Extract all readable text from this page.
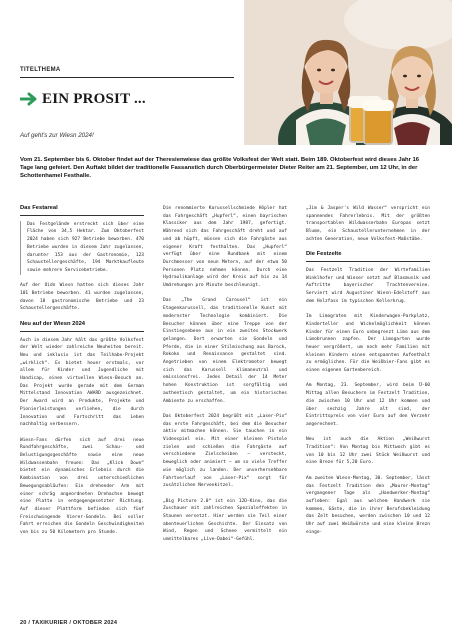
TITELTHEMA
EIN PROSIT ...
Auf geht's zur Wiesn 2024!

Vom 21. September bis 6. Oktober findet auf der Theresienwiese das größte Volksfest der Welt statt. Beim 189. Oktoberfest wird dieses Jahr 16 Tage lang gefeiert. Den Auftakt bildet der traditionelle Fassanstich durch Oberbürgermeister Dieter Reiter am 21. September, um 12 Uhr, in der Schottenhamel Festhalle.

Das Festareal

Das Festgelände erstreckt sich über eine Fläche von 34,5 Hektar. Zum Oktoberfest 2024 haben sich 927 Betriebe beworben. 470 Betriebe wurden in diesem Jahr zugelassen, darunter 153 aus der Gastronomie, 123 Schaustellergeschäfte, 194 Marktkaufleute sowie mehrere Servicebetriebe.

Auf der Oidn Wiesn hatten sich dieses Jahr 101 Betriebe beworben. 41 wurden zugelassen, davon 18 gastronomische Betriebe und 23 Schaustellergeschäfte.

Neu auf der Wiesn 2024

Auch in diesem Jahr hält das größte Volksfest der Welt wieder zahlreiche Neuheiten bereit. Neu und inklusiv ist das Teilhabe-Projekt „wirklich“. Es bietet heuer erstmals, vor allem für Kinder und Jugendliche mit Handicap, einen virtuellen Wiesn-Besuch an. Das Projekt wurde gerade mit dem German Mittelstand Innovation AWARD ausgezeichnet. Der Award wird an Produkte, Projekte und Pionierleistungen verliehen, die durch Innovation und Fortschritt das Leben nachhaltig verbessern.

Wiesn-Fans dürfen sich auf drei neue Rundfahrgeschäfte, zwei Schau- und Belustigungsgeschäfte sowie eine neue Wildwassenbahn freuen: Das „Klick Down“ bietet ein dynamisches Erlebnis durch die Kombination von drei unterschiedlichen Bewegungsabläufen: Ein drehender Arm mit einer schräg angeordneten Drehachse bewegt eine Platte in entgegengesetzter Richtung. Auf dieser Plattform befinden sich fünf Freischwingende Vierer-Gondeln. Bei voller Fahrt erreichen die Gondeln Geschwindigkeiten von bis zu 50 Kilometern pro Stunde.

Die renommierte Karussellschmiede Höpler hat das Fahrgeschäft „Hupferl“, einen bayrischen Klassiker aus dem Jahr 1987, gefertigt. Während sich das Fahrgeschäft dreht und auf und ab hüpft, müssen sich die Fahrgäste aus eigener Kraft festhalten. Das „Hupferl“ verfügt über eine Rundbank mit einem Durchmesser von neun Metern, auf der etwa 50 Personen Platz nehmen können. Durch eine Hydraulikanlage wird der Kreis auf bis zu 14 Umdrehungen pro Minute beschleunigt.

Das „The Grand Carousel“ ist ein Etagenkarussell, das traditionelle Kunst mit modernster Technologie kombiniert. Die Besucher können über eine Treppe von der Einstiegsebene aus in ein zweites Stockwerk gelangen. Dort erwarten sie Gondeln und Pferde, die in einer Stilmischung aus Barock, Rokoko und Renaissance gestaltet sind. Angetrieben von einem Elektromotor bewegt sich das Karussell klimaneutral und emissionsfrei. Jedes Detail der 14 Meter hohen Konstruktion ist sorgfältig und authentisch gestaltet, um ein historisches Ambiente zu erschaffen.

Das Oktoberfest 2024 begrüßt mit „Laser-Pix“ das erste Fahrgeschäft, bei dem die Besucher aktiv mitmachen können. Sie tauchen in ein Videospiel ein. Mit einer kleinen Pistole zielen und schießen die Fahrgäste auf verschiedene Zielscheiben – versteckt, beweglich oder animiert – um so viele Treffer wie möglich zu landen. Der unvorhersehbare Fahrtverlauf von „Laser-Pix“ sorgt für zusätzlichen Nervenkitzel.

„Big Picture 2.0“ ist ein 12D-Kino, das die Zuschauer mit zahlreichen Spezialeffekten in Staunen versetzt. Hier werden sie Teil einer abenteuerlichen Geschichte. Der Einsatz von Wind, Regen und Schnee vermittelt ein unmittelbares „Live-Dabei“-Gefühl.

„Jim & Jasper's Wild Wasser“ verspricht ein spannendes Fahrerlebnis. Mit der größten transportablen Wildwasserbahn Europas setzt Blume, ein Schaustellerunternehmen in der achten Generation, neue Volksfest-Maßstäbe.

Die Festzelte

Das Festzelt Tradition der Wirtefamilien Winklhofer und Wieser setzt auf Blasmusik und Auftritte bayerischer Trachtenvereine. Serviert wird Augustiner Wiesn-Edelstoff aus dem Holzfass im typischen Kellerkrug.

Im Limograten mit Kinderwagen-Parkplatz, Kinderteller und Wickelmöglichkeit können Kinder für einen Euro unbegrenzt Limo aus dem Limobrunnen zapfen. Der Limogarten wurde heuer vergrößert, um noch mehr Familien mit kleinen Kindern einen entspannten Aufenthalt zu ermöglichen. Für die Weißbier-Fans gibt es einen eigenen Gartenbereich.

Am Montag, 23. September, wird beim Ü-60 Mittag allen Besuchern im Festzelt Tradition, die zwischen 10 Uhr und 12 Uhr kommen und über sechzig Jahre alt sind, der Eintrittspreis von vier Euro auf den Verzehr angerechnet.

Neu ist auch die Aktion „Weißwurst Tradition“: Von Montag bis Mittwoch gibt es von 10 bis 12 Uhr zwei Stück Weißwurst und eine Breze für 5,20 Euro.

Am zweiten Wiesn-Montag, 30. September, lässt das Festzelt Tradition den „Maurer-Montag“ vergangener Tage als „Handwerker-Montag“ aufleben: Egal aus welchem Handwerk sie kommen, Gäste, die in ihrer Berufsbekleidung das Zelt besuchen, werden zwischen 10 und 12 Uhr auf zwei Weißwürste und eine kleine Brezn einge-

20 / TAXIKURIER / OKTOBER 2024
